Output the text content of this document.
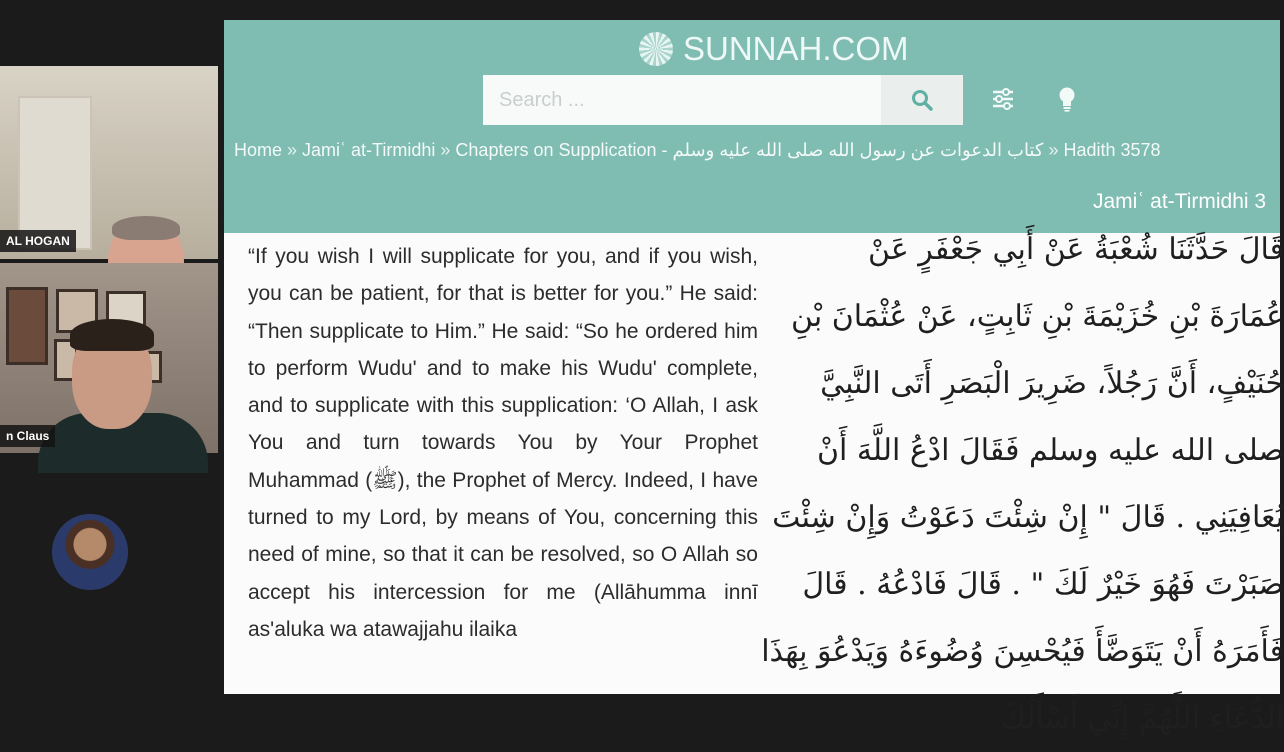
AL HOGAN
n Claus
SUNNAH.COM
Search ...
Home » Jamiʿ at-Tirmidhi » Chapters on Supplication - كتاب الدعوات عن رسول الله صلى الله عليه وسلم » Hadith 3578
Jamiʿ at-Tirmidhi 3

“If you wish I will supplicate for you, and if you wish, you can be patient, for that is better for you.” He said: “Then supplicate to Him.” He said: “So he ordered him to perform Wudu' and to make his Wudu' complete, and to supplicate with this supplication: ‘O Allah, I ask You and turn towards You by Your Prophet Muhammad (ﷺ), the Prophet of Mercy. Indeed, I have turned to my Lord, by means of You, concerning this need of mine, so that it can be resolved, so O Allah so accept his intercession for me (Allāhumma innī as'aluka wa atawajjahu ilaika

قَالَ حَدَّثَنَا شُعْبَةُ عَنْ أَبِي جَعْفَرٍ عَنْ
عُمَارَةَ بْنِ خُزَيْمَةَ بْنِ ثَابِتٍ، عَنْ عُثْمَانَ بْنِ
حُنَيْفٍ، أَنَّ رَجُلاً، ضَرِيرَ الْبَصَرِ أَتَى النَّبِيَّ
صلى الله عليه وسلم فَقَالَ ادْعُ اللَّهَ أَنْ
يُعَافِيَنِي ‏.‏ قَالَ ‏"‏ إِنْ شِئْتَ دَعَوْتُ وَإِنْ شِئْتَ
صَبَرْتَ فَهُوَ خَيْرٌ لَكَ ‏"‏ ‏.‏ قَالَ فَادْعُهُ ‏.‏ قَالَ
فَأَمَرَهُ أَنْ يَتَوَضَّأَ فَيُحْسِنَ وُضُوءَهُ وَيَدْعُوَ بِهَذَا
الدُّعَاءِ اللَّهُمَّ إِنِّي أَسْأَلُكَ
